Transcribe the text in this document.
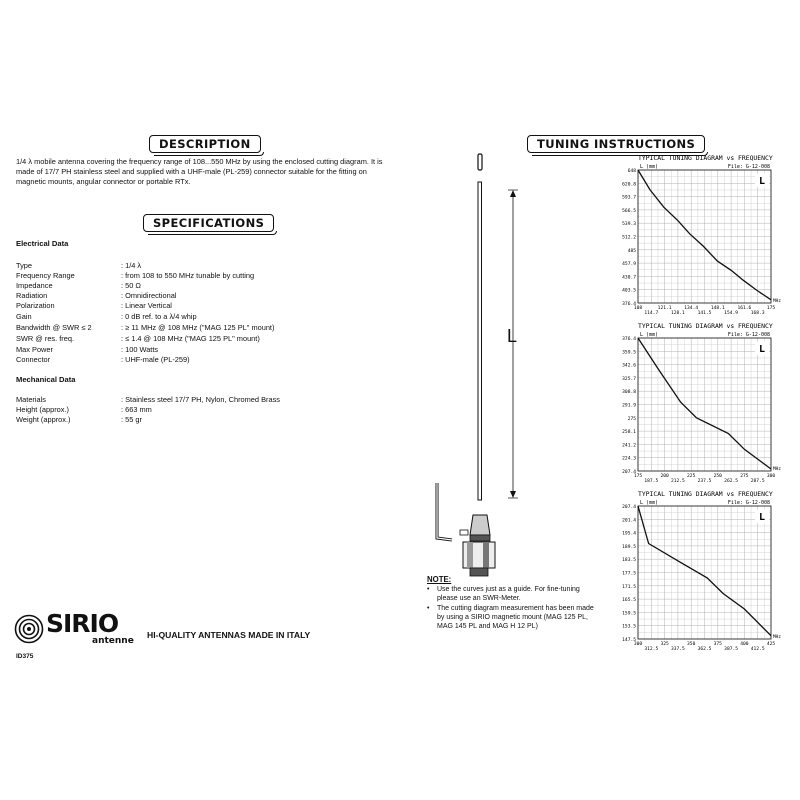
DESCRIPTION
1/4 λ mobile antenna covering the frequency range of 108...550 MHz by using the enclosed cutting diagram. It is made of 17/7 PH stainless steel and supplied with a UHF-male (PL-259) connector suitable for the fitting on magnetic mounts, angular connector or portable RTx.
SPECIFICATIONS
Electrical Data
Type	: 1/4 λ
Frequency Range	: from 108 to 550 MHz tunable by cutting
Impedance	: 50 Ω
Radiation	: Omnidirectional
Polarization	: Linear Vertical
Gain	: 0 dB ref. to a λ/4 whip
Bandwidth @ SWR ≤ 2	: ≥ 11 MHz @ 108 MHz ("MAG 125 PL" mount)
SWR @ res. freq.	: ≤ 1.4 @ 108 MHz ("MAG 125 PL" mount)
Max Power	: 100 Watts
Connector	: UHF-male (PL-259)
Mechanical Data
Materials	: Stainless steel 17/7 PH, Nylon, Chromed Brass
Height (approx.)	: 663 mm
Weight (approx.)	: 55 gr
SIRIO
antenne
HI-QUALITY ANTENNAS MADE IN ITALY
ID375
TUNING INSTRUCTIONS
L
NOTE:
• Use the curves just as a guide. For fine-tuning please use an SWR-Meter.
• The cutting diagram measurement has been made by using a SIRIO magnetic mount (MAG 125 PL, MAG 145 PL and MAG H 12 PL)
TYPICAL TUNING DIAGRAM vs FREQUENCY
L (mm)	File: G-12-008
L
376.4
403.5
430.7
457.9
485
512.2
539.3
566.5
593.7
620.8
648
108	121.1	134.4	148.1	161.6	175
114.7	128.1	141.5	154.9	168.3
MHz
TYPICAL TUNING DIAGRAM vs FREQUENCY
L (mm)	File: G-12-008
L
207.4
224.3
241.2
258.1
275
291.9
308.8
325.7
342.6
359.5
376.4
175	200	225	250	275	300
187.5	212.5	237.5	262.5	287.5
MHz
TYPICAL TUNING DIAGRAM vs FREQUENCY
L (mm)	File: G-12-008
L
147.5
153.5
159.5
165.5
171.5
177.5
183.5
189.5
195.4
201.4
207.4
300	325	350	375	400	425
312.5	337.5	362.5	387.5	412.5
MHz
